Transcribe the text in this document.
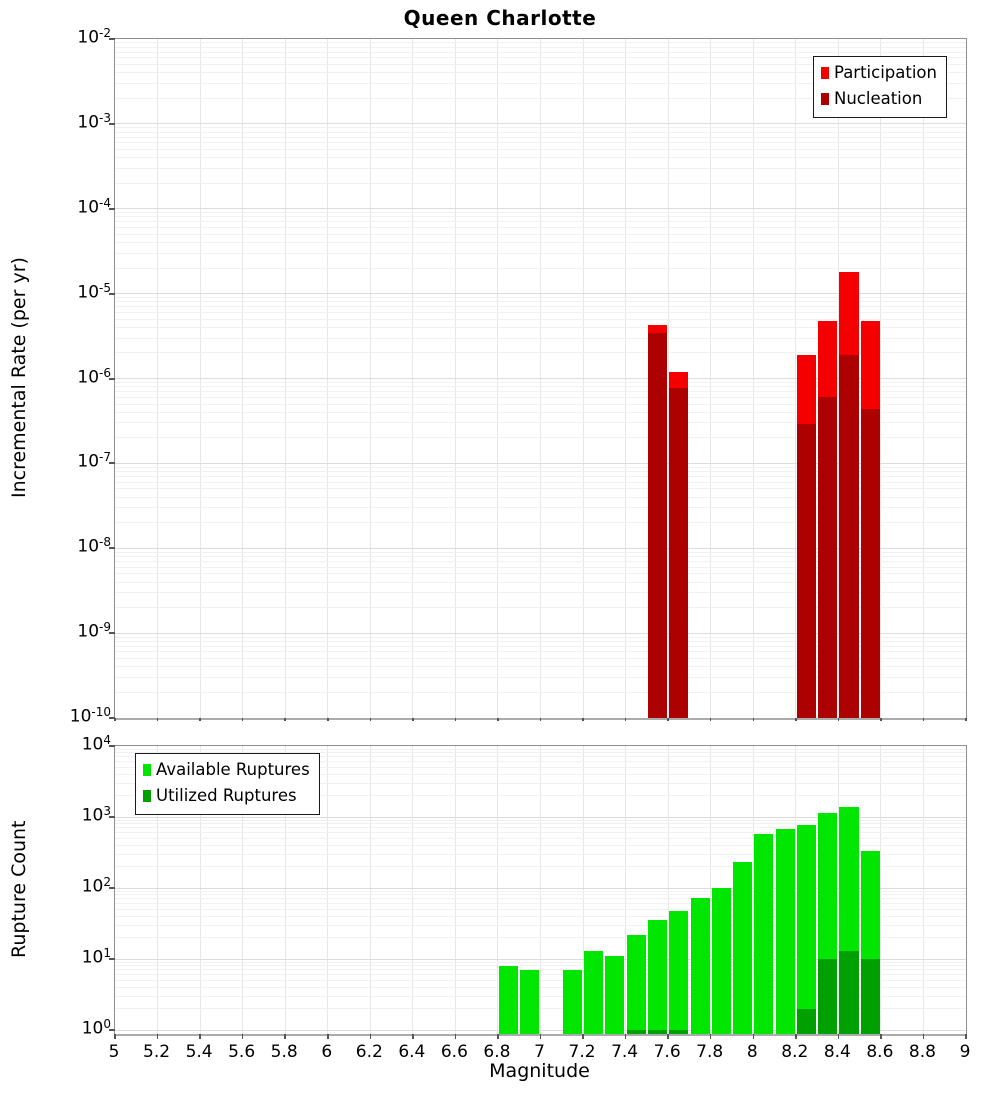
Queen Charlotte
Incremental Rate (per yr)
Rupture Count
$10^{-2}$
$10^{-3}$
$10^{-4}$
$10^{-5}$
$10^{-6}$
$10^{-7}$
$10^{-8}$
$10^{-9}$
$10^{-10}$
Participation
Nucleation
$10^4$
$10^3$
$10^2$
$10^1$
$10^0$
Available Ruptures
Utilized Ruptures
Magnitude
5	5.2 5.4 5.6 5.8	6	6.2 6.4 6.6 6.8	7	7.2 7.4 7.6 7.8	8	8.2 8.4 8.6 8.8	9
